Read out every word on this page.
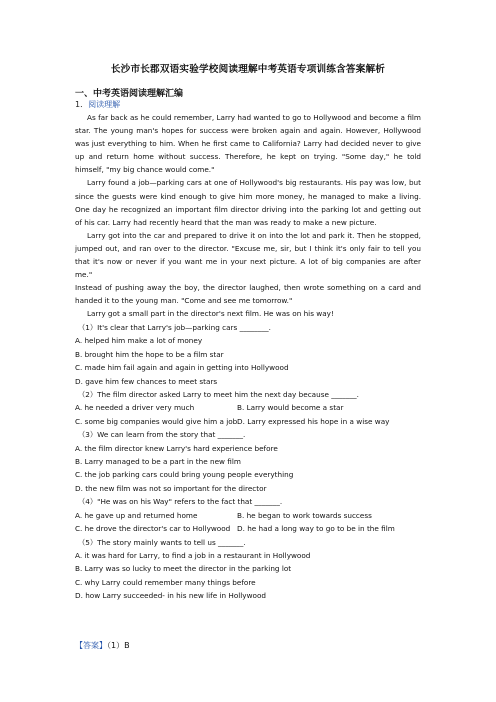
长沙市长郡双语实验学校阅读理解中考英语专项训练含答案解析
一、中考英语阅读理解汇编
1．阅读理解

As far back as he could remember, Larry had wanted to go to Hollywood and become a film star. The young man's hopes for success were broken again and again. However, Hollywood was just everything to him. When he first came to California? Larry had decided never to give up and return home without success. Therefore, he kept on trying. "Some day," he told himself, "my big chance would come."

Larry found a job—parking cars at one of Hollywood's big restaurants. His pay was low, but since the guests were kind enough to give him more money, he managed to make a living. One day he recognized an important film director driving into the parking lot and getting out of his car. Larry had recently heard that the man was ready to make a new picture.

Larry got into the car and prepared to drive it on into the lot and park it. Then he stopped, jumped out, and ran over to the director. "Excuse me, sir, but I think it's only fair to tell you that it's now or never if you want me in your next picture. A lot of big companies are after me."

Instead of pushing away the boy, the director laughed, then wrote something on a card and handed it to the young man. "Come and see me tomorrow."

Larry got a small part in the director's next film. He was on his way!

（1）It's clear that Larry's job—parking cars ________.
A. helped him make a lot of money
B. brought him the hope to be a film star
C. made him fail again and again in getting into Hollywood
D. gave him few chances to meet stars
（2）The film director asked Larry to meet him the next day because _______.
A. he needed a driver very much	B. Larry would become a star
C. some big companies would give him a job D. Larry expressed his hope in a wise way
（3）We can learn from the story that _______.
A. the film director knew Larry's hard experience before
B. Larry managed to be a part in the new film
C. the job parking cars could bring young people everything
D. the new film was not so important for the director
（4）"He was on his Way" refers to the fact that _______.
A. he gave up and returned home	B. he began to work towards success
C. he drove the director's car to Hollywood D. he had a long way to go to be in the film
（5）The story mainly wants to tell us _______.
A. it was hard for Larry, to find a job in a restaurant in Hollywood
B. Larry was so lucky to meet the director in the parking lot
C. why Larry could remember many things before
D. how Larry succeeded- in his new life in Hollywood
【答案】（1）B
